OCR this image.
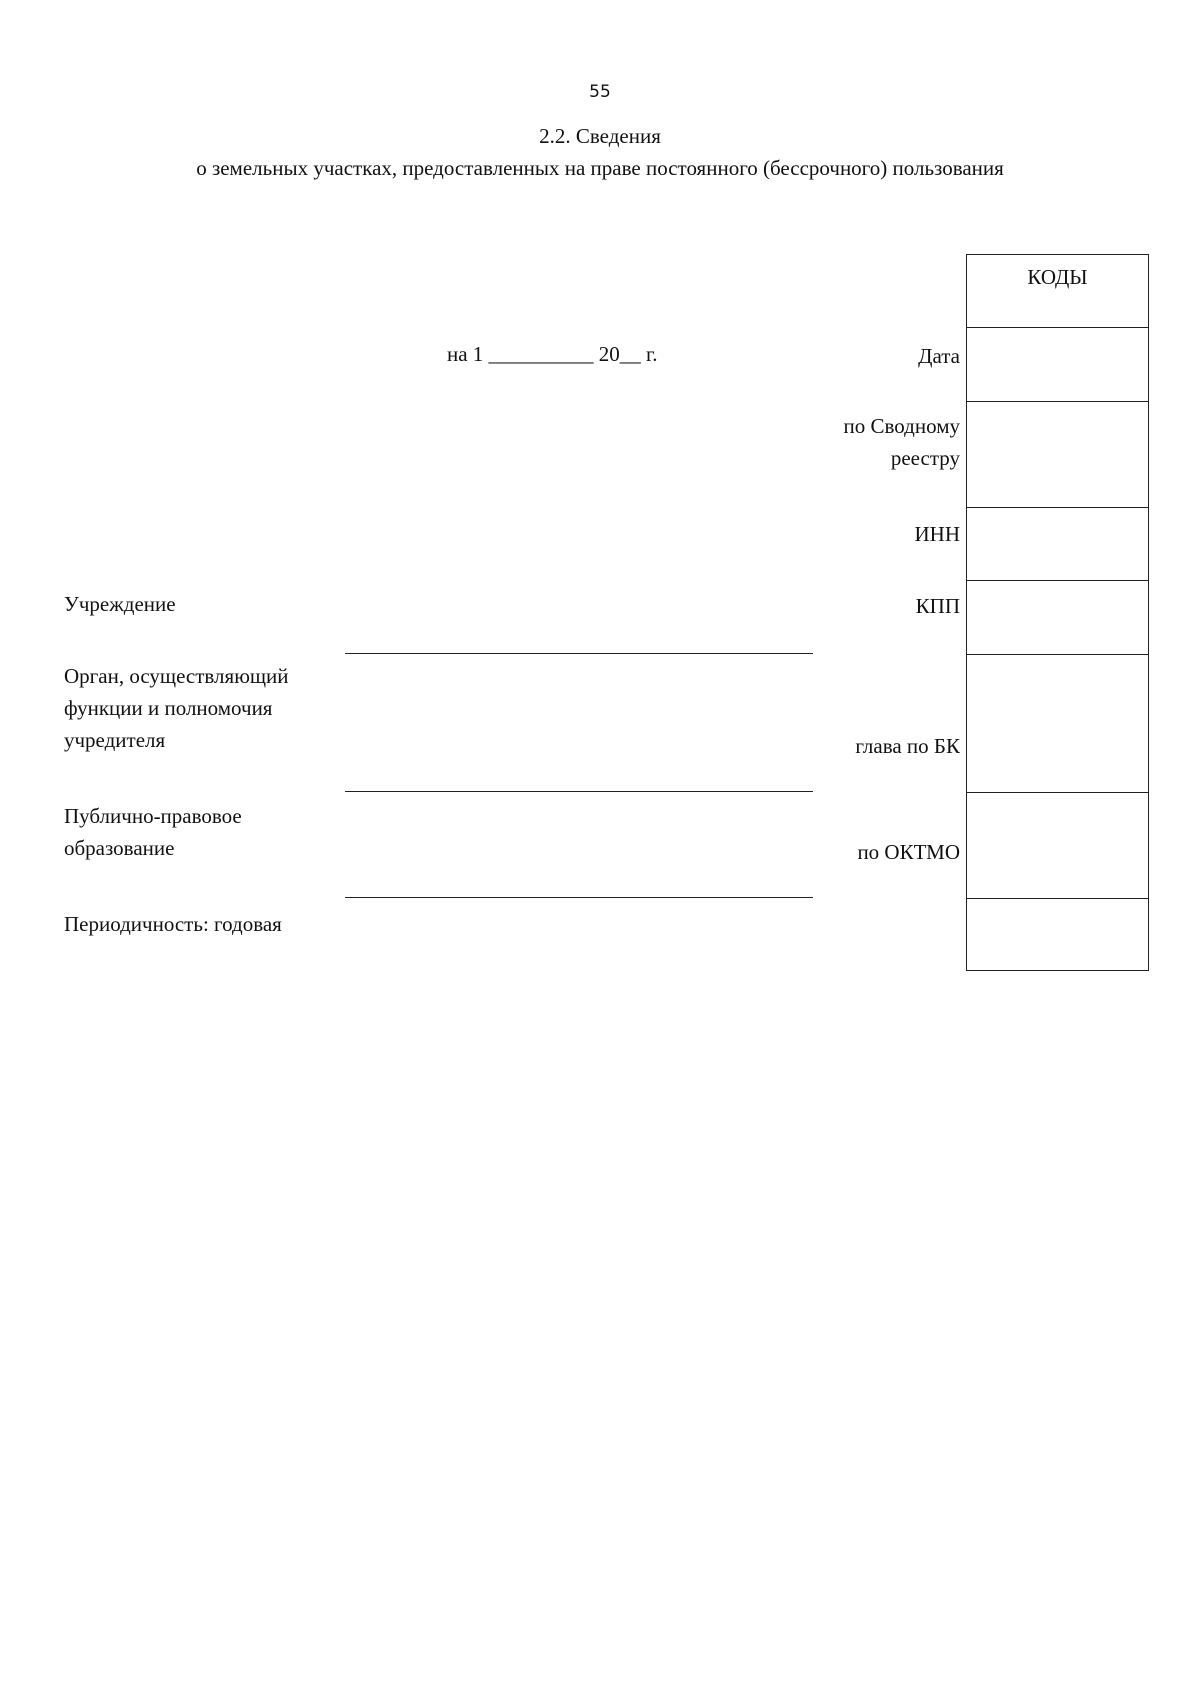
55
2.2. Сведения
о земельных участках, предоставленных на праве постоянного (бессрочного) пользования
на 1 __________ 20__ г.
Учреждение
Орган, осуществляющий функции и полномочия учредителя
Публично-правовое образование
Периодичность: годовая
Дата
по Сводному реестру
ИНН
КПП
глава по БК
по ОКТМО
КОДЫ
